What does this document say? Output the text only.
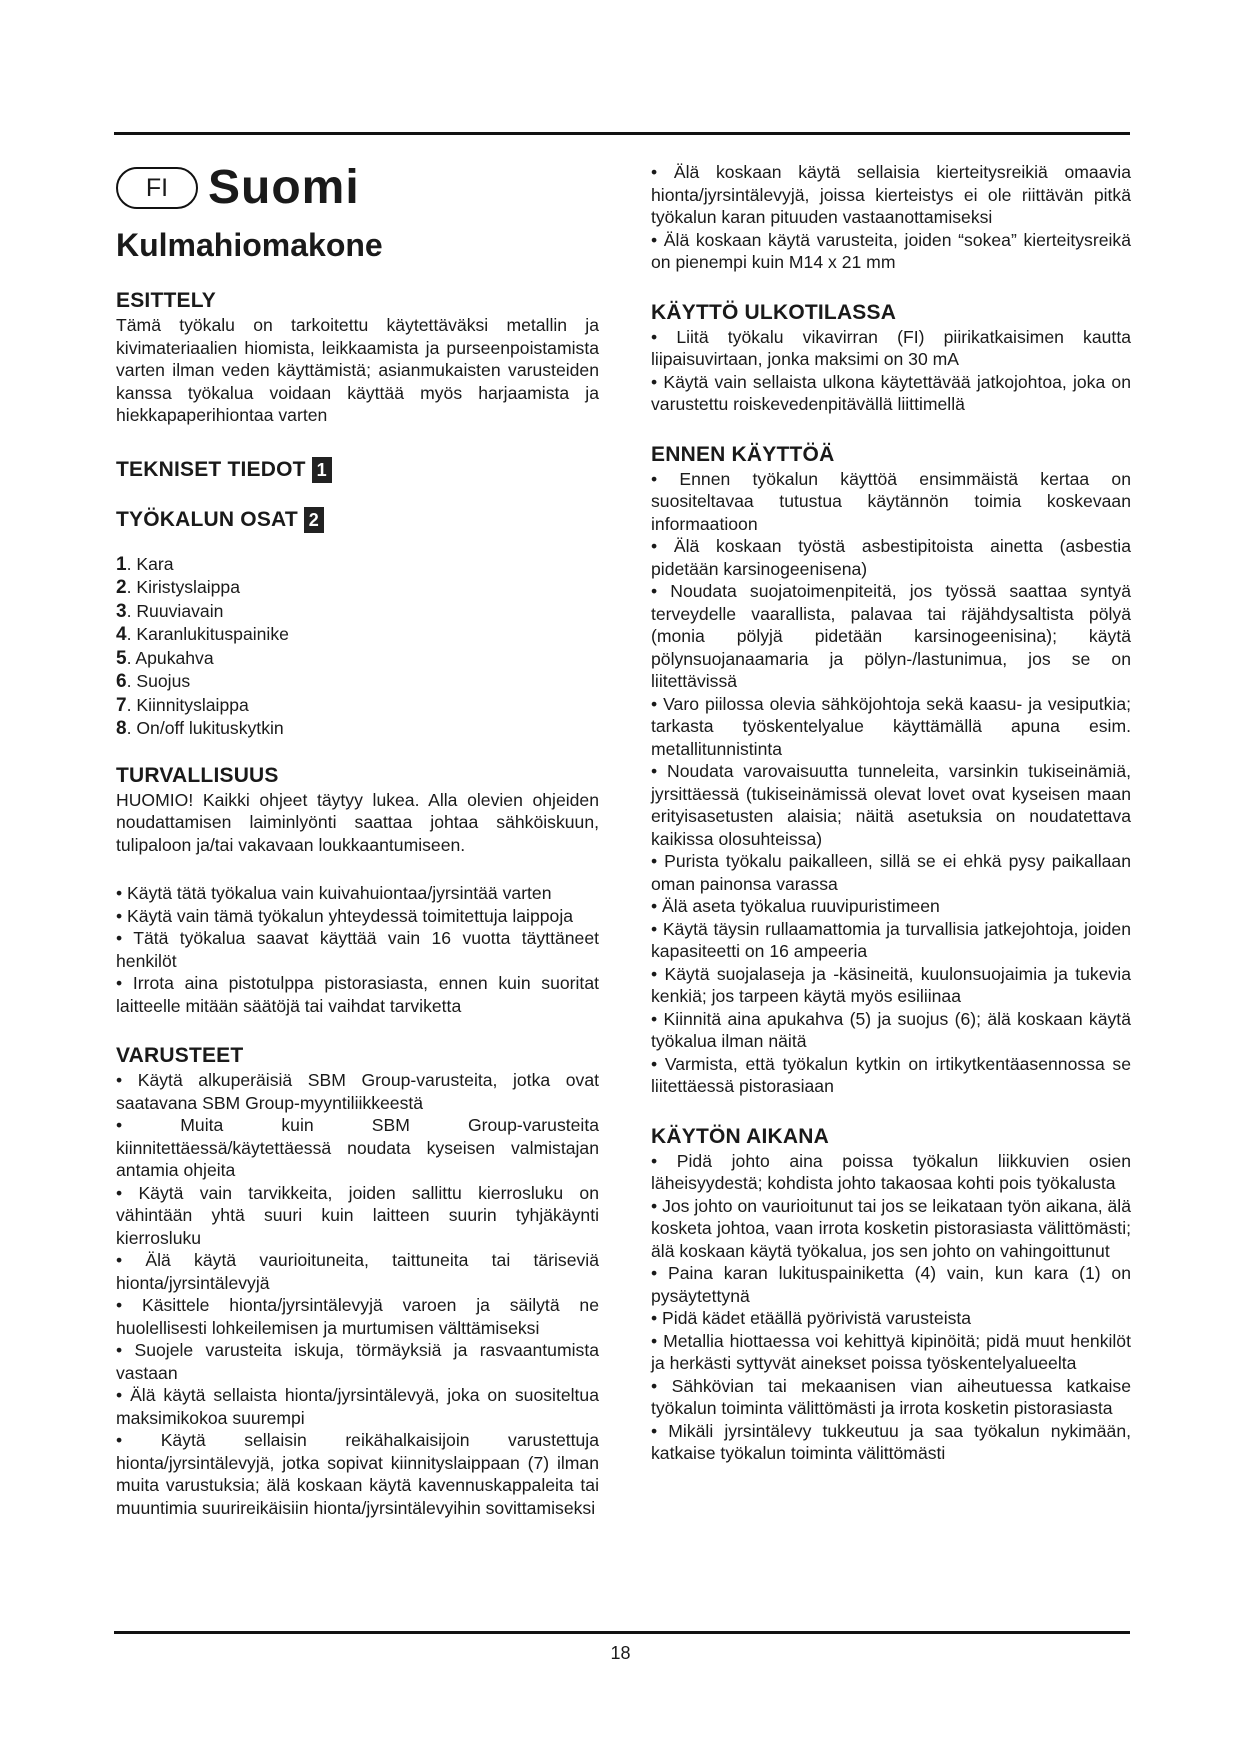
FI Suomi
Kulmahiomakone
ESITTELY

Tämä työkalu on tarkoitettu käytettäväksi metallin ja kivimateriaalien hiomista, leikkaamista ja purseenpoistamista varten ilman veden käyttämistä; asianmukaisten varusteiden kanssa työkalua voidaan käyttää myös harjaamista ja hiekkapaperihiontaa varten

TEKNISET TIEDOT 1
TYÖKALUN OSAT 2
1. Kara
2. Kiristyslaippa
3. Ruuviavain
4. Karanlukituspainike
5. Apukahva
6. Suojus
7. Kiinnityslaippa
8. On/off lukituskytkin
TURVALLISUUS

HUOMIO! Kaikki ohjeet täytyy lukea. Alla olevien ohjeiden noudattamisen laiminlyönti saattaa johtaa sähköiskuun, tulipaloon ja/tai vakavaan loukkaantumiseen.

• Käytä tätä työkalua vain kuivahuiontaa/jyrsintää varten

• Käytä vain tämä työkalun yhteydessä toimitettuja laippoja

• Tätä työkalua saavat käyttää vain 16 vuotta täyttäneet henkilöt

• Irrota aina pistotulppa pistorasiasta, ennen kuin suoritat laitteelle mitään säätöjä tai vaihdat tarviketta

VARUSTEET

• Käytä alkuperäisiä SBM Group-varusteita, jotka ovat saatavana SBM Group-myyntiliikkeestä

• Muita kuin SBM Group-varusteita kiinnitettäessä/käytettäessä noudata kyseisen valmistajan antamia ohjeita

• Käytä vain tarvikkeita, joiden sallittu kierrosluku on vähintään yhtä suuri kuin laitteen suurin tyhjäkäynti kierrosluku

• Älä käytä vaurioituneita, taittuneita tai täriseviä hionta/jyrsintälevyjä

• Käsittele hionta/jyrsintälevyjä varoen ja säilytä ne huolellisesti lohkeilemisen ja murtumisen välttämiseksi

• Suojele varusteita iskuja, törmäyksiä ja rasvaantumista vastaan

• Älä käytä sellaista hionta/jyrsintälevyä, joka on suositeltua maksimikokoa suurempi

• Käytä sellaisin reikähalkaisijoin varustettuja hionta/jyrsintälevyjä, jotka sopivat kiinnityslaippaan (7) ilman muita varustuksia; älä koskaan käytä kavennuskappaleita tai muuntimia suurireikäisiin hionta/jyrsintälevyihin sovittamiseksi

• Älä koskaan käytä sellaisia kierteitysreikiä omaavia hionta/jyrsintälevyjä, joissa kierteistys ei ole riittävän pitkä työkalun karan pituuden vastaanottamiseksi

• Älä koskaan käytä varusteita, joiden “sokea” kierteitysreikä on pienempi kuin M14 x 21 mm

KÄYTTÖ ULKOTILASSA

• Liitä työkalu vikavirran (FI) piirikatkaisimen kautta liipaisuvirtaan, jonka maksimi on 30 mA

• Käytä vain sellaista ulkona käytettävää jatkojohtoa, joka on varustettu roiskevedenpitävällä liittimellä

ENNEN KÄYTTÖÄ

• Ennen työkalun käyttöä ensimmäistä kertaa on suositeltavaa tutustua käytännön toimia koskevaan informaatioon

• Älä koskaan työstä asbestipitoista ainetta (asbestia pidetään karsinogeenisena)

• Noudata suojatoimenpiteitä, jos työssä saattaa syntyä terveydelle vaarallista, palavaa tai räjähdysaltista pölyä (monia pölyjä pidetään karsinogeenisina); käytä pölynsuojanaamaria ja pölyn-/lastunimua, jos se on liitettävissä

• Varo piilossa olevia sähköjohtoja sekä kaasu- ja vesiputkia; tarkasta työskentelyalue käyttämällä apuna esim. metallitunnistinta

• Noudata varovaisuutta tunneleita, varsinkin tukiseinämiä, jyrsittäessä (tukiseinämissä olevat lovet ovat kyseisen maan erityisasetusten alaisia; näitä asetuksia on noudatettava kaikissa olosuhteissa)

• Purista työkalu paikalleen, sillä se ei ehkä pysy paikallaan oman painonsa varassa

• Älä aseta työkalua ruuvipuristimeen

• Käytä täysin rullaamattomia ja turvallisia jatkejohtoja, joiden kapasiteetti on 16 ampeeria

• Käytä suojalaseja ja -käsineitä, kuulonsuojaimia ja tukevia kenkiä; jos tarpeen käytä myös esiliinaa

• Kiinnitä aina apukahva (5) ja suojus (6); älä koskaan käytä työkalua ilman näitä

• Varmista, että työkalun kytkin on irtikytkentäasennossa se liitettäessä pistorasiaan

KÄYTÖN AIKANA

• Pidä johto aina poissa työkalun liikkuvien osien läheisyydestä; kohdista johto takaosaa kohti pois työkalusta

• Jos johto on vaurioitunut tai jos se leikataan työn aikana, älä kosketa johtoa, vaan irrota kosketin pistorasiasta välittömästi; älä koskaan käytä työkalua, jos sen johto on vahingoittunut

• Paina karan lukituspainiketta (4) vain, kun kara (1) on pysäytettynä

• Pidä kädet etäällä pyörivistä varusteista

• Metallia hiottaessa voi kehittyä kipinöitä; pidä muut henkilöt ja herkästi syttyvät ainekset poissa työskentelyalueelta

• Sähkövian tai mekaanisen vian aiheutuessa katkaise työkalun toiminta välittömästi ja irrota kosketin pistorasiasta

• Mikäli jyrsintälevy tukkeutuu ja saa työkalun nykimään, katkaise työkalun toiminta välittömästi

18
